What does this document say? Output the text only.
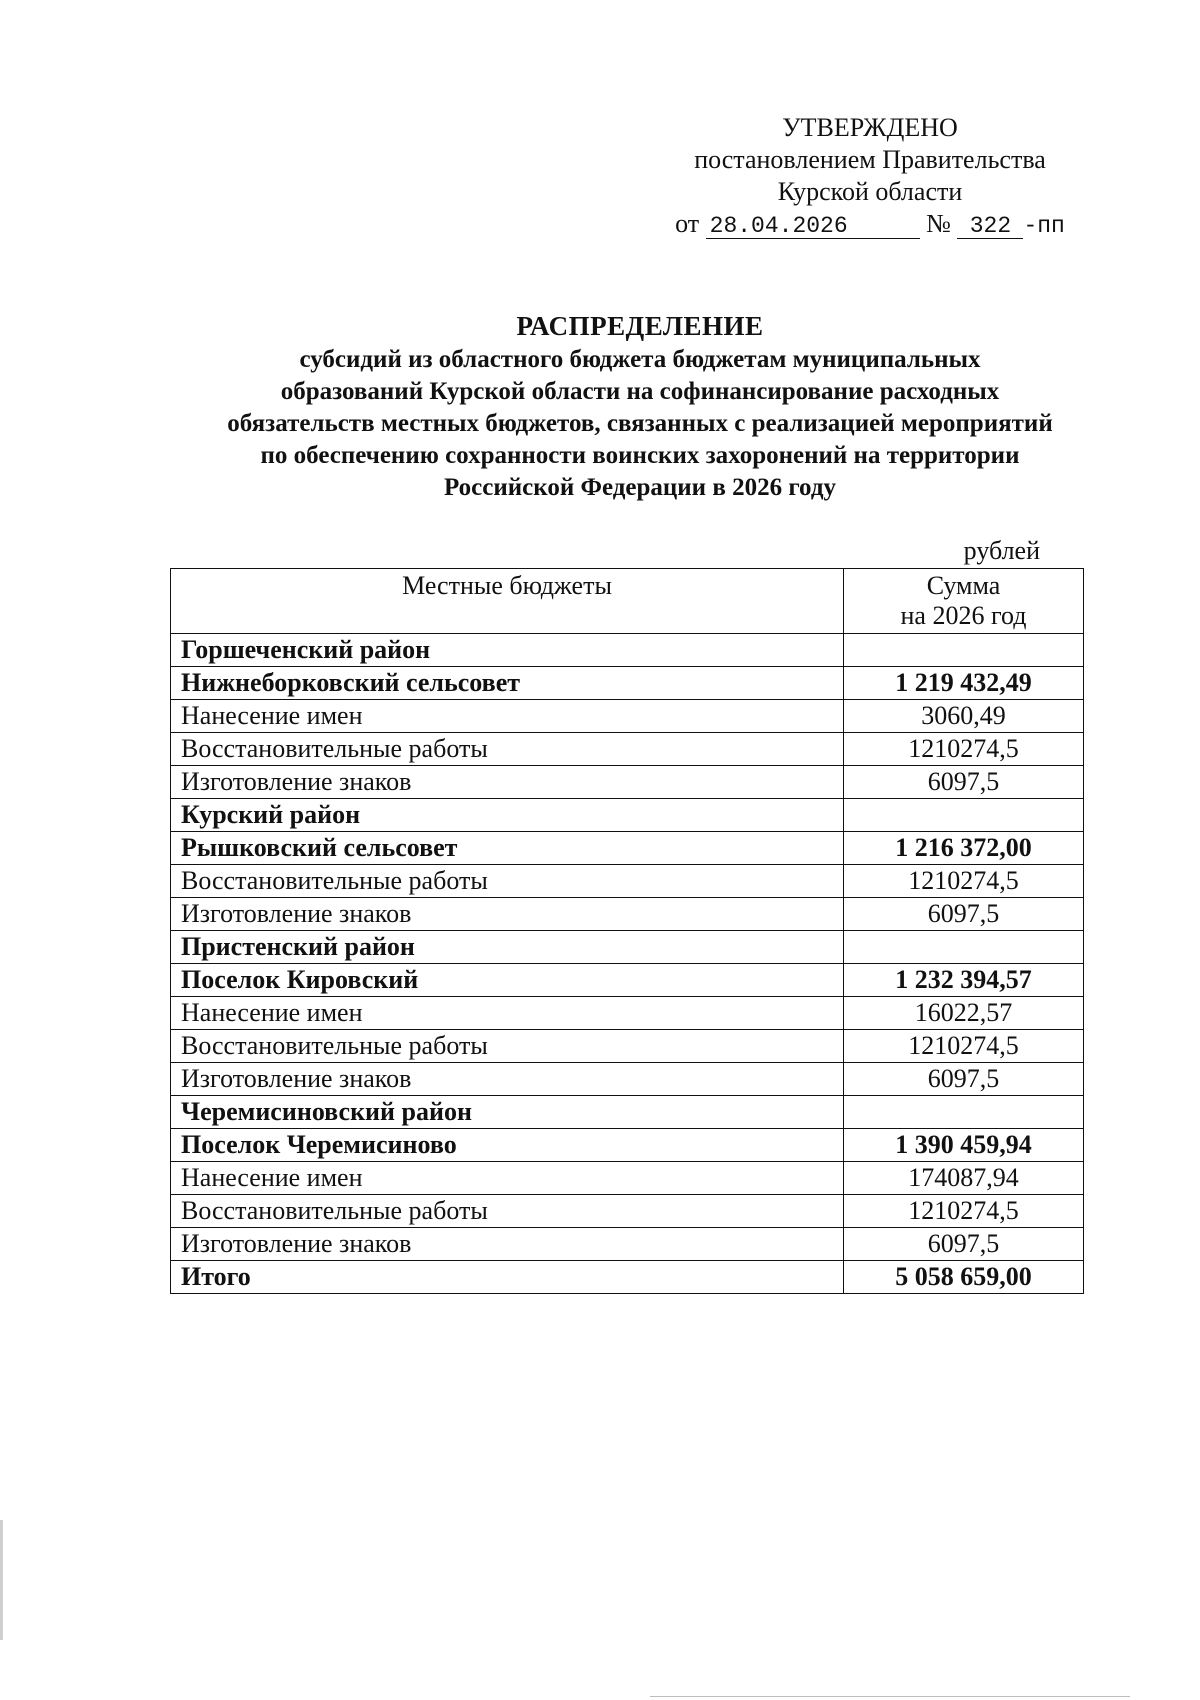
УТВЕРЖДЕНО
постановлением Правительства
Курской области
от 28.04.2026	№ 322 -пп
РАСПРЕДЕЛЕНИЕ
субсидий из областного бюджета бюджетам муниципальных
образований Курской области на софинансирование расходных
обязательств местных бюджетов, связанных с реализацией мероприятий
по обеспечению сохранности воинских захоронений на территории
Российской Федерации в 2026 году
рублей
Местные бюджеты	Сумма
на 2026 год

Горшеченский район	
Нижнеборковский сельсовет	1 219 432,49
Нанесение имен	3060,49
Восстановительные работы	1210274,5
Изготовление знаков	6097,5
Курский район	
Рышковский сельсовет	1 216 372,00
Восстановительные работы	1210274,5
Изготовление знаков	6097,5
Пристенский район	
Поселок Кировский	1 232 394,57
Нанесение имен	16022,57
Восстановительные работы	1210274,5
Изготовление знаков	6097,5
Черемисиновский район	
Поселок Черемисиново	1 390 459,94
Нанесение имен	174087,94
Восстановительные работы	1210274,5
Изготовление знаков	6097,5
Итого	5 058 659,00
